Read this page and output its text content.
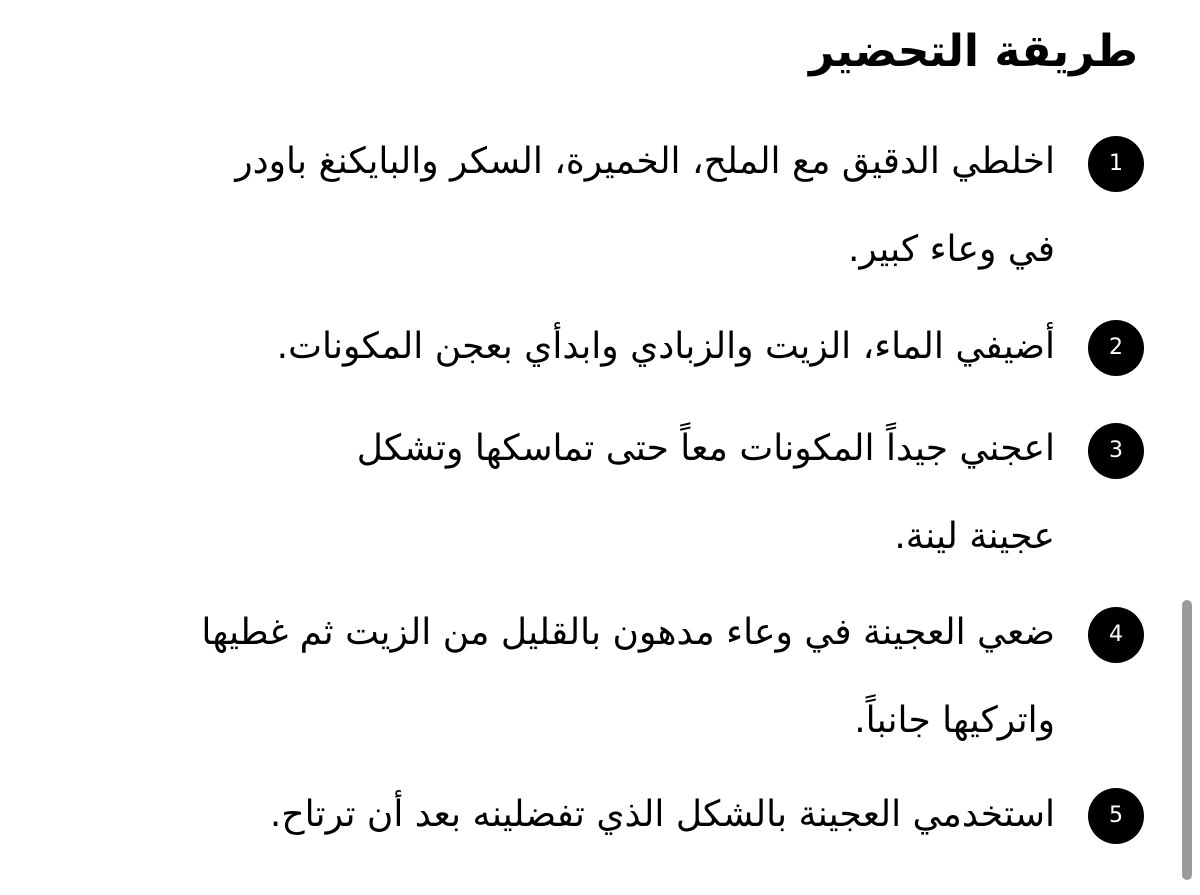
طريقة التحضير
1

اخلطي الدقيق مع الملح، الخميرة، السكر والبايكنغ باودر
في وعاء كبير.

2

أضيفي الماء، الزيت والزبادي وابدأي بعجن المكونات.

3

اعجني جيداً المكونات معاً حتى تماسكها وتشكل
عجينة لينة.

4

ضعي العجينة في وعاء مدهون بالقليل من الزيت ثم غطيها
واتركيها جانباً.

5

استخدمي العجينة بالشكل الذي تفضلينه بعد أن ترتاح.
